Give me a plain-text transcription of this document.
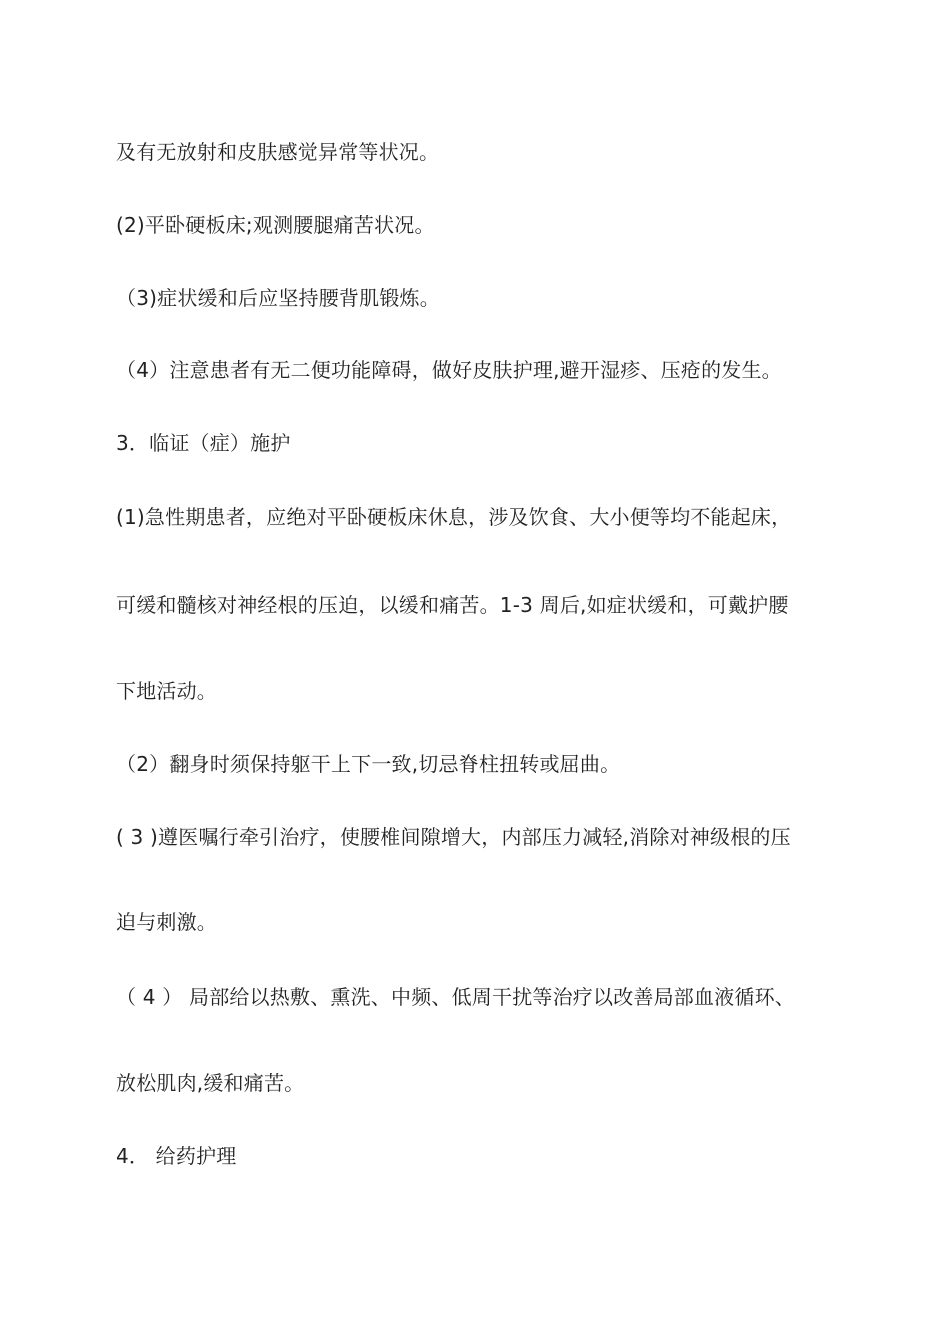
及有无放射和皮肤感觉异常等状况。
(2)平卧硬板床;观测腰腿痛苦状况。
（3)症状缓和后应坚持腰背肌锻炼。
（4）注意患者有无二便功能障碍，做好皮肤护理,避开湿疹、压疮的发生。
3．临证（症）施护
(1)急性期患者，应绝对平卧硬板床休息，涉及饮食、大小便等均不能起床，
可缓和髓核对神经根的压迫，以缓和痛苦。1-3 周后,如症状缓和，可戴护腰
下地活动。
（2）翻身时须保持躯干上下一致,切忌脊柱扭转或屈曲。
( 3 )遵医嘱行牵引治疗，使腰椎间隙增大，内部压力减轻,消除对神级根的压
迫与刺激。
（ 4 ） 局部给以热敷、熏洗、中频、低周干扰等治疗以改善局部血液循环、
放松肌肉,缓和痛苦。
4． 给药护理
